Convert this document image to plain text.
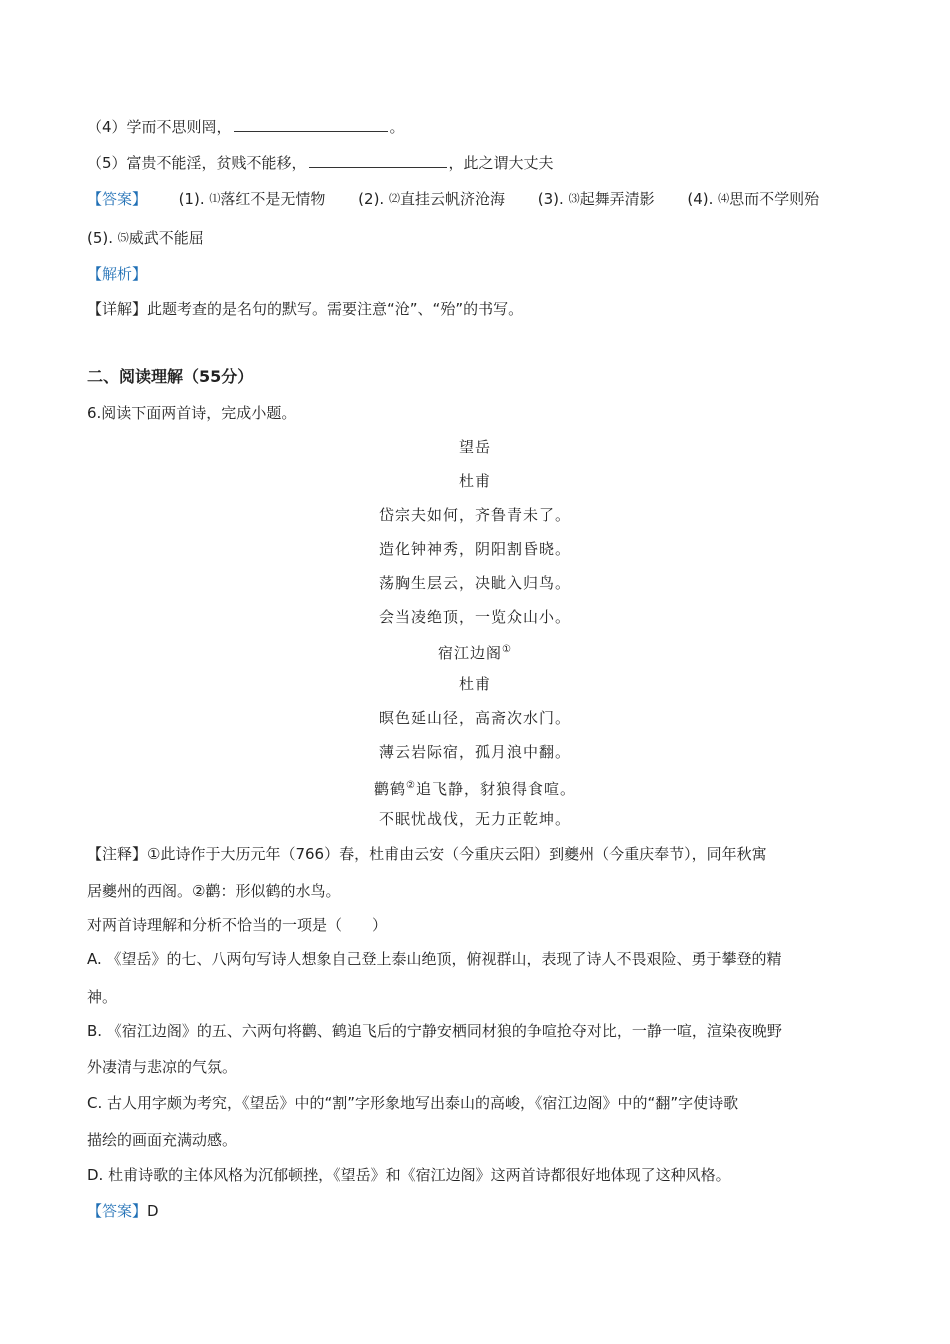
（4）学而不思则罔，	。
（5）富贵不能淫，贫贱不能移，	，此之谓大丈夫
【答案】 (1). ⑴落红不是无情物 (2). ⑵直挂云帆济沧海 (3). ⑶起舞弄清影 (4). ⑷思而不学则殆
(5). ⑸威武不能屈
【解析】
【详解】此题考查的是名句的默写。需要注意“沧”、“殆”的书写。
二、阅读理解（55分）
6.阅读下面两首诗，完成小题。
望岳
杜甫
岱宗夫如何，齐鲁青未了。
造化钟神秀，阴阳割昏晓。
荡胸生层云，决眦入归鸟。
会当凌绝顶，一览众山小。
宿江边阁①
杜甫
暝色延山径，高斋次水门。
薄云岩际宿，孤月浪中翻。
鹳鹤②追飞静，豺狼得食喧。
不眠忧战伐，无力正乾坤。
【注释】①此诗作于大历元年（766）春，杜甫由云安（今重庆云阳）到夔州（今重庆奉节），同年秋寓
居夔州的西阁。②鹳：形似鹤的水鸟。
对两首诗理解和分析不恰当的一项是（　　）
A. 《望岳》的七、八两句写诗人想象自己登上泰山绝顶，俯视群山，表现了诗人不畏艰险、勇于攀登的精
神。
B. 《宿江边阁》的五、六两句将鹳、鹤追飞后的宁静安栖同材狼的争喧抢夺对比，一静一喧，渲染夜晚野
外凄清与悲凉的气氛。
C. 古人用字颇为考究，《望岳》中的“割”字形象地写出泰山的高峻，《宿江边阁》中的“翻”字使诗歌
描绘的画面充满动感。
D. 杜甫诗歌的主体风格为沉郁顿挫，《望岳》和《宿江边阁》这两首诗都很好地体现了这种风格。
【答案】D
